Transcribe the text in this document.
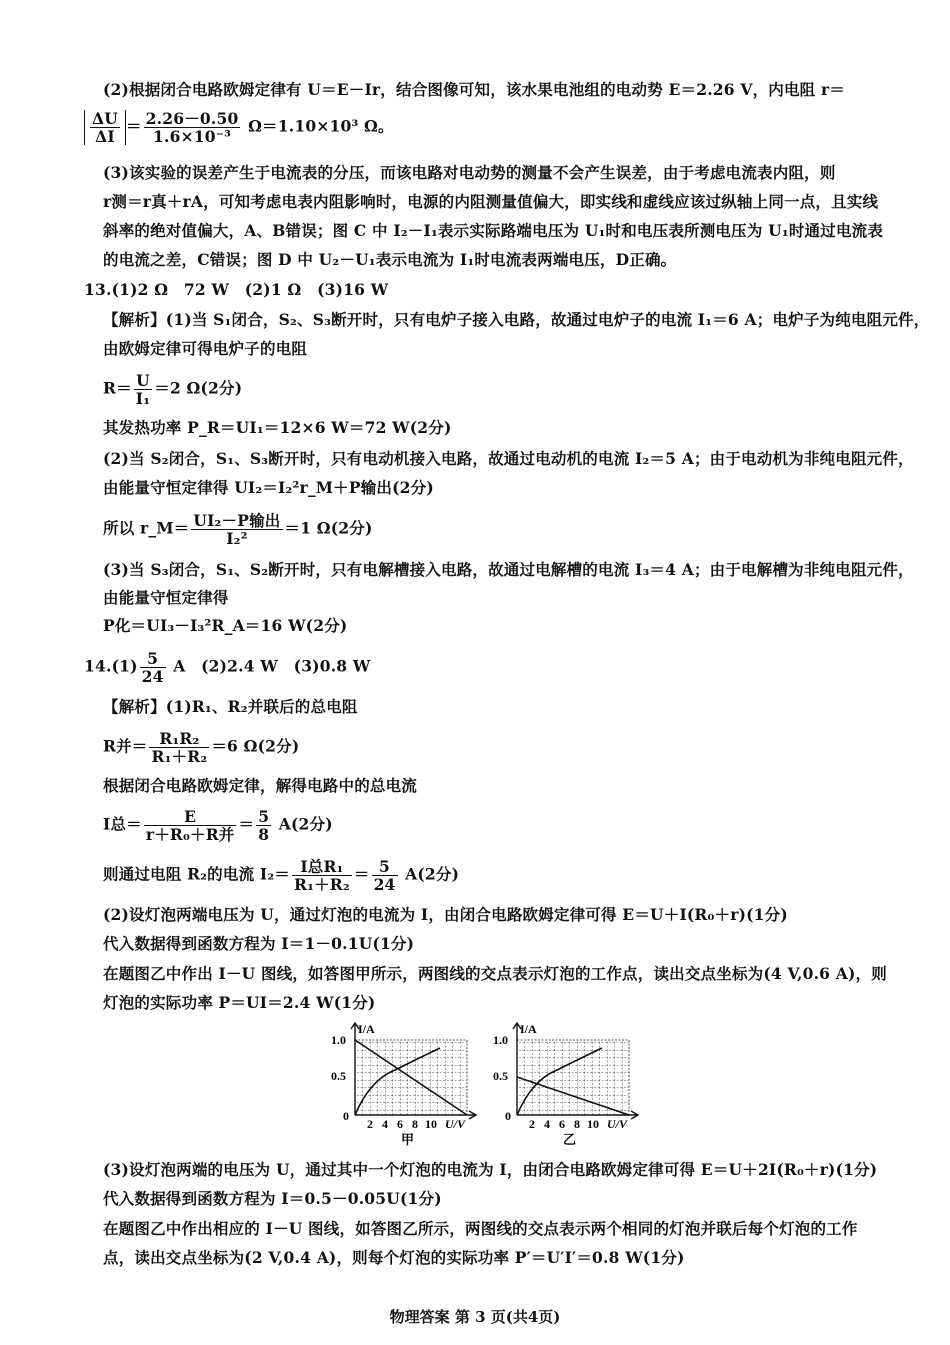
(2)根据闭合电路欧姆定律有 U＝E－Ir，结合图像可知，该水果电池组的电动势 E＝2.26 V，内电阻 r＝
$\frac{\Delta U}{\Delta I} = \frac{2.26-0.50}{\text{1.6×10⁻³}} \Omega=1.10\times 10^3$ Ω。
(3)该实验的误差产生于电流表的分压，而该电路对电动势的测量不会产生误差，由于考虑电流表内阻，则
r测＝r真＋rA，可知考虑电表内阻影响时，电源的内阻测量值偏大，即实线和虚线应该过纵轴上同一点，且实线
斜率的绝对值偏大，A、B错误；图 C 中 I₂－I₁表示实际路端电压为 U₁时和电压表所测电压为 U₁时通过电流表
的电流之差，C错误；图 D 中 U₂－U₁表示电流为 I₁时电流表两端电压，D正确。
13.(1)2 Ω　72 W　(2)1 Ω　(3)16 W
【解析】(1)当 S₁闭合，S₂、S₃断开时，只有电炉子接入电路，故通过电炉子的电流 I₁＝6 A；电炉子为纯电阻元件，
由欧姆定律可得电炉子的电阻
$R= \frac{U}{\text{I₁}} =2$ Ω(2分)
其发热功率 P_R＝UI₁＝12×6 W＝72 W(2分)
(2)当 S₂闭合，S₁、S₃断开时，只有电动机接入电路，故通过电动机的电流 I₂＝5 A；由于电动机为非纯电阻元件，
由能量守恒定律得 UI₂＝I₂²r_M＋P输出(2分)
所以 r_M＝ $\frac{\text{UI₂－P输出}}{\text{I₂²}} =1$ Ω(2分)
(3)当 S₃闭合，S₁、S₂断开时，只有电解槽接入电路，故通过电解槽的电流 I₃＝4 A；由于电解槽为非纯电阻元件，
由能量守恒定律得
P化＝UI₃－I₃²R_A＝16 W(2分)
$14.(1) \frac{5}{24}$ A　(2)2.4 W　(3)0.8 W
【解析】(1)R₁、R₂并联后的总电阻
R并＝ $\frac{\text{R₁R₂}}{\text{R₁＋R₂}} =6$ Ω(2分)
根据闭合电路欧姆定律，解得电路中的总电流
I总＝ $\frac{E}{\text{r＋R₀＋R并}} = \frac{5}{8} A(2$分)
则通过电阻 R₂的电流 $I_2= \frac{\text{I总R₁}}{\text{R₁＋R₂}} = \frac{5}{24} A(2$分)
(2)设灯泡两端电压为 U，通过灯泡的电流为 I，由闭合电路欧姆定律可得 E＝U＋I(R₀＋r)(1分)
代入数据得到函数方程为 I＝1－0.1U(1分)
在题图乙中作出 I－U 图线，如答图甲所示，两图线的交点表示灯泡的工作点，读出交点坐标为(4 V,0.6 A)，则
灯泡的实际功率 P＝UI＝2.4 W(1分)
I/A
1.0
0.5
0
2 4 6 8 10 U/V
甲
I/A
1.0
0.5
0
2 4 6 8 10 U/V
乙
(3)设灯泡两端的电压为 U，通过其中一个灯泡的电流为 I，由闭合电路欧姆定律可得 E＝U＋2I(R₀＋r)(1分)
代入数据得到函数方程为 I＝0.5－0.05U(1分)
在题图乙中作出相应的 I－U 图线，如答图乙所示，两图线的交点表示两个相同的灯泡并联后每个灯泡的工作
点，读出交点坐标为(2 V,0.4 A)，则每个灯泡的实际功率 P′＝U′I′＝0.8 W(1分)
物理答案 第 3 页(共4页)
